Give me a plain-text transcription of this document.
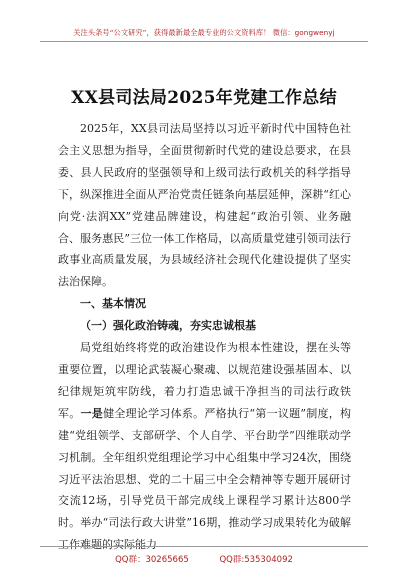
关注头条号“公文研究”，获得最新最全最专业的公文资料库！ 微信：gongwenyj
XX县司法局2025年党建工作总结

2025年，XX县司法局坚持以习近平新时代中国特色社会主义思想为指导，全面贯彻新时代党的建设总要求，在县委、县人民政府的坚强领导和上级司法行政机关的科学指导下，纵深推进全面从严治党责任链条向基层延伸，深耕“红心向党·法润XX”党建品牌建设，构建起“政治引领、业务融合、服务惠民”三位一体工作格局，以高质量党建引领司法行政事业高质量发展，为县域经济社会现代化建设提供了坚实法治保障。

一、基本情况

（一）强化政治铸魂，夯实忠诚根基

局党组始终将党的政治建设作为根本性建设，摆在头等重要位置，以理论武装凝心聚魂、以规范建设强基固本、以纪律规矩筑牢防线，着力打造忠诚干净担当的司法行政铁军。一是健全理论学习体系。严格执行“第一议题”制度，构建“党组领学、支部研学、个人自学、平台助学”四维联动学习机制。全年组织党组理论学习中心组集中学习24次，围绕习近平法治思想、党的二十届三中全会精神等专题开展研讨交流12场，引导党员干部完成线上课程学习累计达800学时。举办“司法行政大讲堂”16期，推动学习成果转化为破解工作难题的实际能力

QQ群：30265665	QQ群:535304092
